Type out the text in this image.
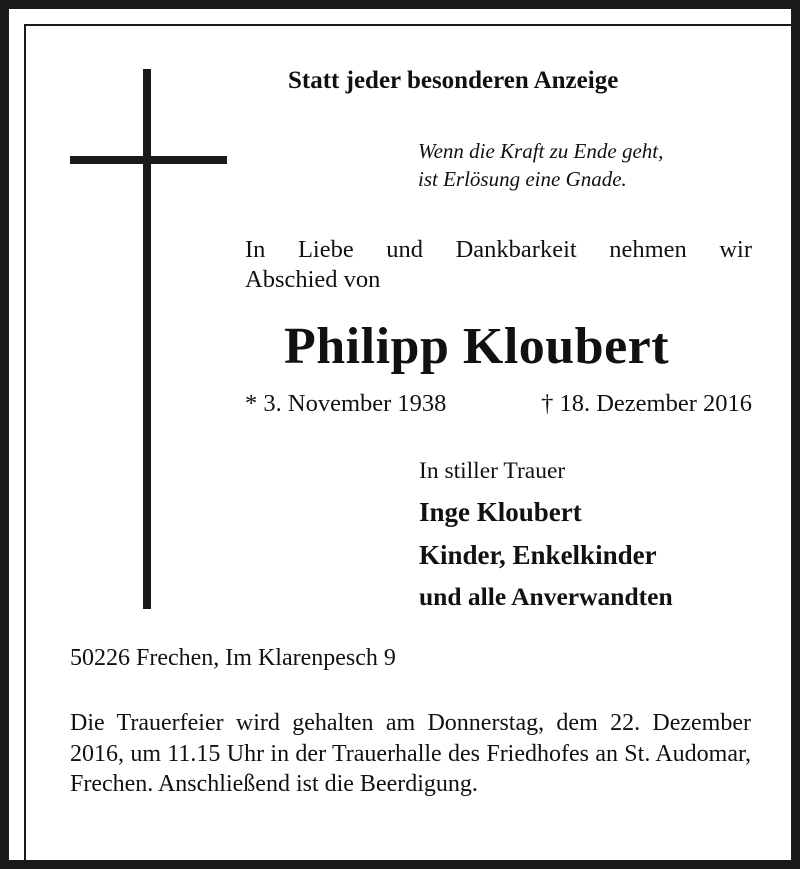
Statt jeder besonderen Anzeige
Wenn die Kraft zu Ende geht,
ist Erlösung eine Gnade.
In Liebe und Dankbarkeit nehmen wir
Abschied von
Philipp Kloubert
* 3. November 1938	† 18. Dezember 2016
In stiller Trauer
Inge Kloubert
Kinder, Enkelkinder
und alle Anverwandten
50226 Frechen, Im Klarenpesch 9
Die Trauerfeier wird gehalten am Donnerstag, dem 22. Dezember 2016, um 11.15 Uhr in der Trauerhalle des Friedhofes an St. Audomar, Frechen. Anschließend ist die Beerdigung.
